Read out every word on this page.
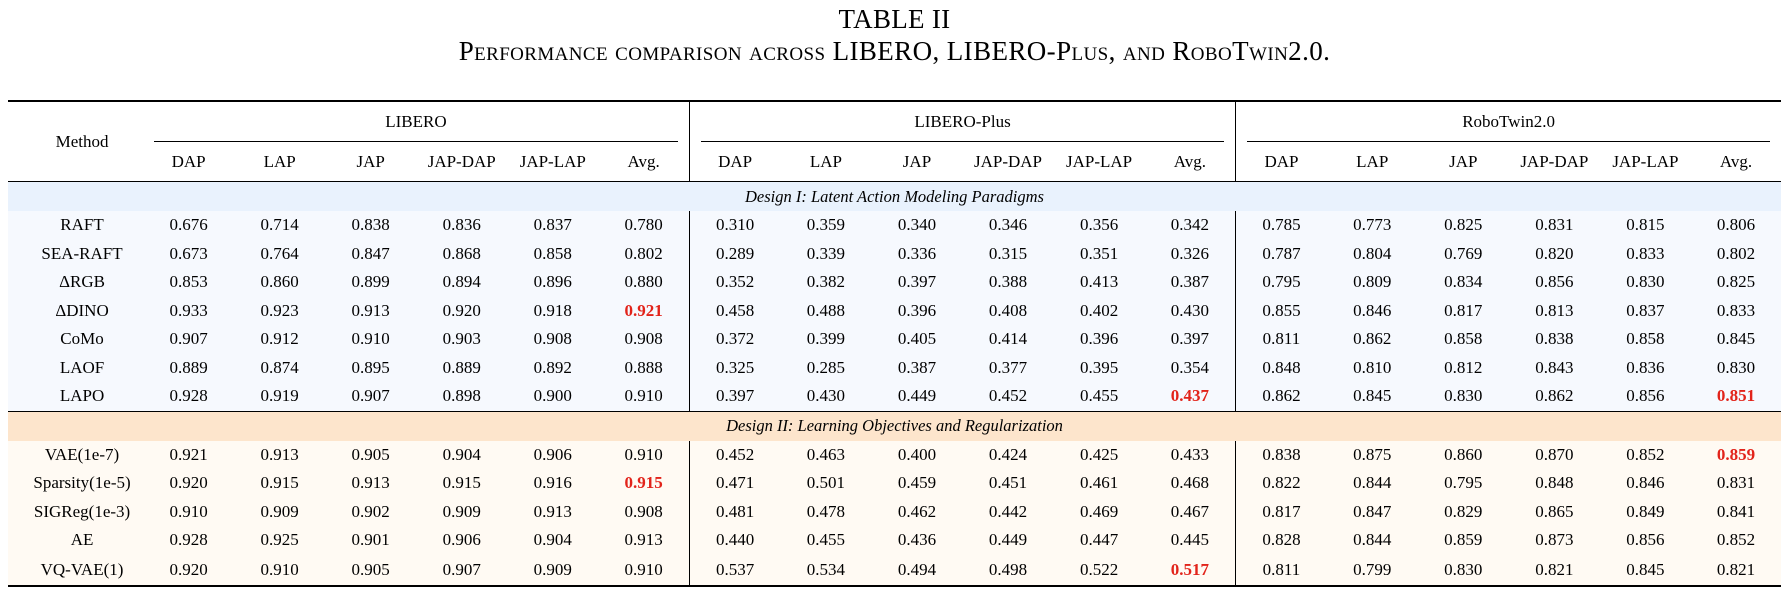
TABLE II
Performance comparison across LIBERO, LIBERO-Plus, and RoboTwin2.0.
Method	LIBERO						LIBERO-Plus						RoboTwin2.0					
	DAP	LAP	JAP	JAP-DAP	JAP-LAP	Avg.	DAP	LAP	JAP	JAP-DAP	JAP-LAP	Avg.	DAP	LAP	JAP	JAP-DAP	JAP-LAP	Avg.
Design I: Latent Action Modeling Paradigms																		
RAFT	0.676	0.714	0.838	0.836	0.837	0.780	0.310	0.359	0.340	0.346	0.356	0.342	0.785	0.773	0.825	0.831	0.815	0.806
SEA-RAFT	0.673	0.764	0.847	0.868	0.858	0.802	0.289	0.339	0.336	0.315	0.351	0.326	0.787	0.804	0.769	0.820	0.833	0.802
ΔRGB	0.853	0.860	0.899	0.894	0.896	0.880	0.352	0.382	0.397	0.388	0.413	0.387	0.795	0.809	0.834	0.856	0.830	0.825
ΔDINO	0.933	0.923	0.913	0.920	0.918	0.921	0.458	0.488	0.396	0.408	0.402	0.430	0.855	0.846	0.817	0.813	0.837	0.833
CoMo	0.907	0.912	0.910	0.903	0.908	0.908	0.372	0.399	0.405	0.414	0.396	0.397	0.811	0.862	0.858	0.838	0.858	0.845
LAOF	0.889	0.874	0.895	0.889	0.892	0.888	0.325	0.285	0.387	0.377	0.395	0.354	0.848	0.810	0.812	0.843	0.836	0.830
LAPO	0.928	0.919	0.907	0.898	0.900	0.910	0.397	0.430	0.449	0.452	0.455	0.437	0.862	0.845	0.830	0.862	0.856	0.851
Design II: Learning Objectives and Regularization																		
VAE(1e-7)	0.921	0.913	0.905	0.904	0.906	0.910	0.452	0.463	0.400	0.424	0.425	0.433	0.838	0.875	0.860	0.870	0.852	0.859
Sparsity(1e-5)	0.920	0.915	0.913	0.915	0.916	0.915	0.471	0.501	0.459	0.451	0.461	0.468	0.822	0.844	0.795	0.848	0.846	0.831
SIGReg(1e-3)	0.910	0.909	0.902	0.909	0.913	0.908	0.481	0.478	0.462	0.442	0.469	0.467	0.817	0.847	0.829	0.865	0.849	0.841
AE	0.928	0.925	0.901	0.906	0.904	0.913	0.440	0.455	0.436	0.449	0.447	0.445	0.828	0.844	0.859	0.873	0.856	0.852
VQ-VAE(1)	0.920	0.910	0.905	0.907	0.909	0.910	0.537	0.534	0.494	0.498	0.522	0.517	0.811	0.799	0.830	0.821	0.845	0.821
